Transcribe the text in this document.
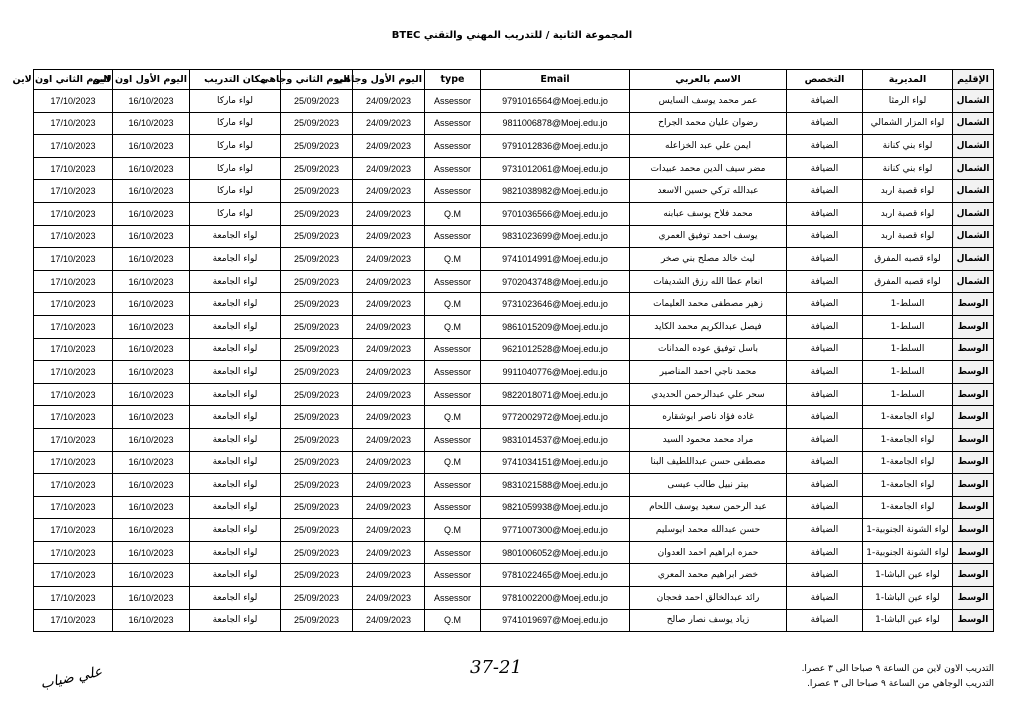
المجموعة الثانية / للتدريب المهني والتقني BTEC
الإقليم	المديرية	التخصص	الاسم بالعربي	Email	type	اليوم الأول وجاهي	اليوم الثاني وجاهي	مكان التدريب	اليوم الأول اون لاين	اليوم الثاني اون لاين
الشمال	لواء الرمثا	الضيافة	عمر محمد يوسف السايس	9791016564@Moej.edu.jo	Assessor	24/09/2023	25/09/2023	لواء ماركا	16/10/2023	17/10/2023
الشمال	لواء المزار الشمالي	الضيافة	رضوان عليان محمد الجراح	9811006878@Moej.edu.jo	Assessor	24/09/2023	25/09/2023	لواء ماركا	16/10/2023	17/10/2023
الشمال	لواء بني كنانة	الضيافة	ايمن علي عبد الخزاعله	9791012836@Moej.edu.jo	Assessor	24/09/2023	25/09/2023	لواء ماركا	16/10/2023	17/10/2023
الشمال	لواء بني كنانة	الضيافة	مضر سيف الدين محمد عبيدات	9731012061@Moej.edu.jo	Assessor	24/09/2023	25/09/2023	لواء ماركا	16/10/2023	17/10/2023
الشمال	لواء قصبة اربد	الضيافة	عبدالله تركي حسين الاسعد	9821038982@Moej.edu.jo	Assessor	24/09/2023	25/09/2023	لواء ماركا	16/10/2023	17/10/2023
الشمال	لواء قصبة اربد	الضيافة	محمد فلاح يوسف عبابنه	9701036566@Moej.edu.jo	Q.M	24/09/2023	25/09/2023	لواء ماركا	16/10/2023	17/10/2023
الشمال	لواء قصبة اربد	الضيافة	يوسف احمد توفيق العمري	9831023699@Moej.edu.jo	Assessor	24/09/2023	25/09/2023	لواء الجامعة	16/10/2023	17/10/2023
الشمال	لواء قصبه المفرق	الضيافة	ليث خالد مصلح بني صخر	9741014991@Moej.edu.jo	Q.M	24/09/2023	25/09/2023	لواء الجامعة	16/10/2023	17/10/2023
الشمال	لواء قصبه المفرق	الضيافة	انعام عطا الله رزق الشديفات	9702043748@Moej.edu.jo	Assessor	24/09/2023	25/09/2023	لواء الجامعة	16/10/2023	17/10/2023
الوسط	السلط-1	الضيافة	زهير مصطفى محمد العليمات	9731023646@Moej.edu.jo	Q.M	24/09/2023	25/09/2023	لواء الجامعة	16/10/2023	17/10/2023
الوسط	السلط-1	الضيافة	فيصل عبدالكريم محمد الكايد	9861015209@Moej.edu.jo	Q.M	24/09/2023	25/09/2023	لواء الجامعة	16/10/2023	17/10/2023
الوسط	السلط-1	الضيافة	باسل توفيق عوده المدانات	9621012528@Moej.edu.jo	Assessor	24/09/2023	25/09/2023	لواء الجامعة	16/10/2023	17/10/2023
الوسط	السلط-1	الضيافة	محمد ناجي احمد المناصير	9911040776@Moej.edu.jo	Assessor	24/09/2023	25/09/2023	لواء الجامعة	16/10/2023	17/10/2023
الوسط	السلط-1	الضيافة	سحر علي عبدالرحمن الحديدي	9822018071@Moej.edu.jo	Assessor	24/09/2023	25/09/2023	لواء الجامعة	16/10/2023	17/10/2023
الوسط	لواء الجامعة-1	الضيافة	غاده فؤاد ناصر ابوشقاره	9772002972@Moej.edu.jo	Q.M	24/09/2023	25/09/2023	لواء الجامعة	16/10/2023	17/10/2023
الوسط	لواء الجامعة-1	الضيافة	مراد محمد محمود السيد	9831014537@Moej.edu.jo	Assessor	24/09/2023	25/09/2023	لواء الجامعة	16/10/2023	17/10/2023
الوسط	لواء الجامعة-1	الضيافة	مصطفى حسن عبداللطيف البنا	9741034151@Moej.edu.jo	Q.M	24/09/2023	25/09/2023	لواء الجامعة	16/10/2023	17/10/2023
الوسط	لواء الجامعة-1	الضيافة	بيتر نبيل طالب عيسى	9831021588@Moej.edu.jo	Assessor	24/09/2023	25/09/2023	لواء الجامعة	16/10/2023	17/10/2023
الوسط	لواء الجامعة-1	الضيافة	عبد الرحمن سعيد يوسف اللحام	9821059938@Moej.edu.jo	Assessor	24/09/2023	25/09/2023	لواء الجامعة	16/10/2023	17/10/2023
الوسط	لواء الشونة الجنوبية-1	الضيافة	حسن عبدالله محمد ابوسليم	9771007300@Moej.edu.jo	Q.M	24/09/2023	25/09/2023	لواء الجامعة	16/10/2023	17/10/2023
الوسط	لواء الشونة الجنوبية-1	الضيافة	حمزه ابراهيم احمد العدوان	9801006052@Moej.edu.jo	Assessor	24/09/2023	25/09/2023	لواء الجامعة	16/10/2023	17/10/2023
الوسط	لواء عين الباشا-1	الضيافة	خضر ابراهيم محمد المعري	9781022465@Moej.edu.jo	Assessor	24/09/2023	25/09/2023	لواء الجامعة	16/10/2023	17/10/2023
الوسط	لواء عين الباشا-1	الضيافة	رائد عبدالخالق احمد فحجان	9781002200@Moej.edu.jo	Assessor	24/09/2023	25/09/2023	لواء الجامعة	16/10/2023	17/10/2023
الوسط	لواء عين الباشا-1	الضيافة	زياد يوسف نصار صالح	9741019697@Moej.edu.jo	Q.M	24/09/2023	25/09/2023	لواء الجامعة	16/10/2023	17/10/2023
37-21	التدريب الاون لاين من الساعة ٩ صباحا الى ٣ عصرا.
التدريب الوجاهي من الساعة ٩ صباحا الى ٣ عصرا.
علي ضياب
